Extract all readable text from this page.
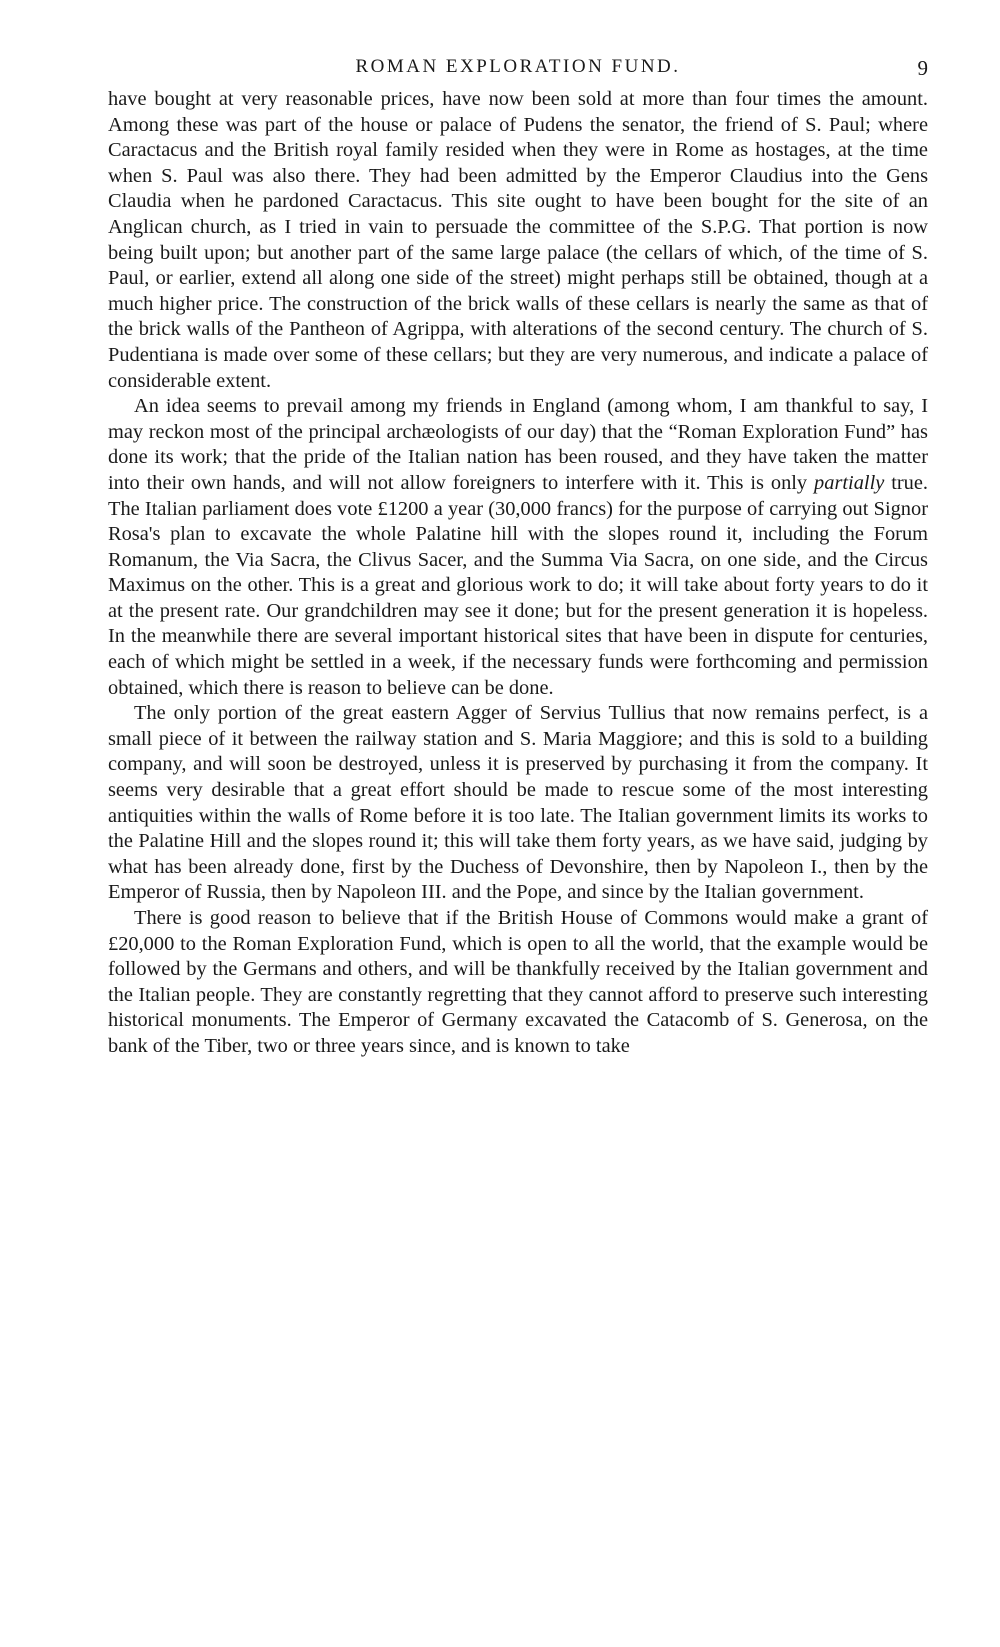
ROMAN EXPLORATION FUND.	9

have bought at very reasonable prices, have now been sold at more than four times the amount. Among these was part of the house or palace of Pudens the senator, the friend of S. Paul; where Caractacus and the British royal family resided when they were in Rome as hostages, at the time when S. Paul was also there. They had been admitted by the Emperor Claudius into the Gens Claudia when he pardoned Caractacus. This site ought to have been bought for the site of an Anglican church, as I tried in vain to persuade the committee of the S.P.G. That portion is now being built upon; but another part of the same large palace (the cellars of which, of the time of S. Paul, or earlier, extend all along one side of the street) might perhaps still be obtained, though at a much higher price. The construction of the brick walls of these cellars is nearly the same as that of the brick walls of the Pantheon of Agrippa, with alterations of the second century. The church of S. Pudentiana is made over some of these cellars; but they are very numerous, and indicate a palace of considerable extent.

An idea seems to prevail among my friends in England (among whom, I am thankful to say, I may reckon most of the principal archæologists of our day) that the “Roman Exploration Fund” has done its work; that the pride of the Italian nation has been roused, and they have taken the matter into their own hands, and will not allow foreigners to interfere with it. This is only partially true. The Italian parliament does vote £1200 a year (30,000 francs) for the purpose of carrying out Signor Rosa's plan to excavate the whole Palatine hill with the slopes round it, including the Forum Romanum, the Via Sacra, the Clivus Sacer, and the Summa Via Sacra, on one side, and the Circus Maximus on the other. This is a great and glorious work to do; it will take about forty years to do it at the present rate. Our grandchildren may see it done; but for the present generation it is hopeless. In the meanwhile there are several important historical sites that have been in dispute for centuries, each of which might be settled in a week, if the necessary funds were forthcoming and permission obtained, which there is reason to believe can be done.

The only portion of the great eastern Agger of Servius Tullius that now remains perfect, is a small piece of it between the railway station and S. Maria Maggiore; and this is sold to a building company, and will soon be destroyed, unless it is preserved by purchasing it from the company. It seems very desirable that a great effort should be made to rescue some of the most interesting antiquities within the walls of Rome before it is too late. The Italian government limits its works to the Palatine Hill and the slopes round it; this will take them forty years, as we have said, judging by what has been already done, first by the Duchess of Devonshire, then by Napoleon I., then by the Emperor of Russia, then by Napoleon III. and the Pope, and since by the Italian government.

There is good reason to believe that if the British House of Commons would make a grant of £20,000 to the Roman Exploration Fund, which is open to all the world, that the example would be followed by the Germans and others, and will be thankfully received by the Italian government and the Italian people. They are constantly regretting that they cannot afford to preserve such interesting historical monuments. The Emperor of Germany excavated the Catacomb of S. Generosa, on the bank of the Tiber, two or three years since, and is known to take
